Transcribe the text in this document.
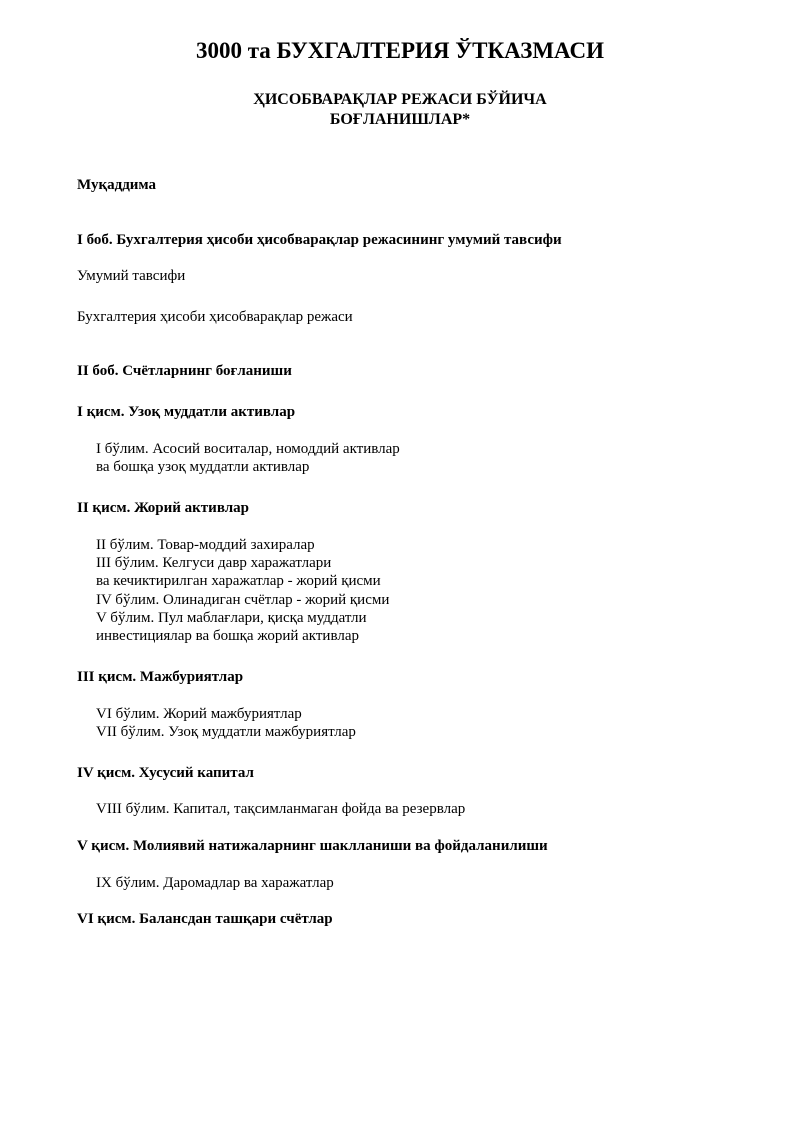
3000 та БУХГАЛТЕРИЯ ЎТКАЗМАСИ
ҲИСОБВАРАҚЛАР РЕЖАСИ БЎЙИЧА
БОҒЛАНИШЛАР*
Муқаддима
I боб. Бухгалтерия ҳисоби ҳисобварақлар режасининг умумий тавсифи
Умумий тавсифи
Бухгалтерия ҳисоби ҳисобварақлар режаси
II боб. Счётларнинг боғланиши
I қисм. Узоқ муддатли активлар
I бўлим. Асосий воситалар, номоддий активлар
ва бошқа узоқ муддатли активлар
II қисм. Жорий активлар
II бўлим. Товар-моддий захиралар
III бўлим. Келгуси давр харажатлари
ва кечиктирилган харажатлар - жорий қисми
IV бўлим. Олинадиган счётлар - жорий қисми
V бўлим. Пул маблағлари, қисқа муддатли
инвестициялар ва бошқа жорий активлар
III қисм. Мажбуриятлар
VI бўлим. Жорий мажбуриятлар
VII бўлим. Узоқ муддатли мажбуриятлар
IV қисм. Хусусий капитал
VIII бўлим. Капитал, тақсимланмаган фойда ва резервлар
V қисм. Молиявий натижаларнинг шаклланиши ва фойдаланилиши
IX бўлим. Даромадлар ва харажатлар
VI қисм. Балансдан ташқари счётлар
